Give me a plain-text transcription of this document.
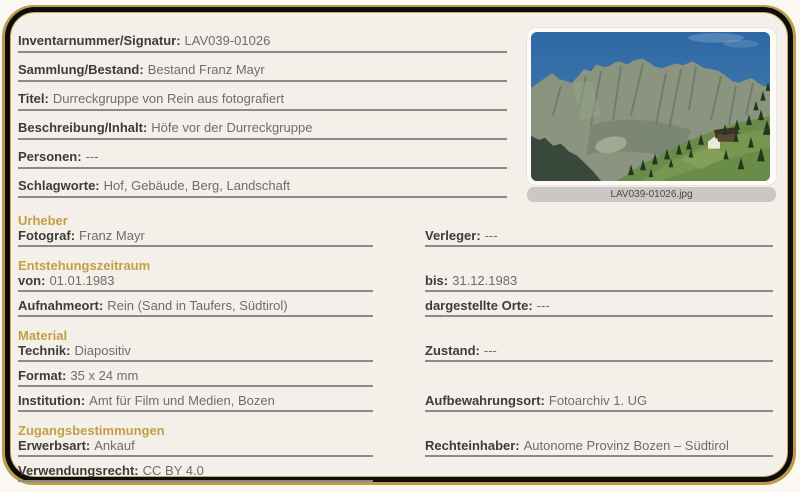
Inventarnummer/Signatur: LAV039-01026
Sammlung/Bestand: Bestand Franz Mayr
Titel: Durreckgruppe von Rein aus fotografiert
Beschreibung/Inhalt: Höfe vor der Durreckgruppe
Personen: ---
Schlagworte: Hof, Gebäude, Berg, Landschaft
Urheber
Fotograf: Franz Mayr	Verleger: ---
Entstehungszeitraum
von: 01.01.1983	bis: 31.12.1983
Aufnahmeort: Rein (Sand in Taufers, Südtirol)	dargestellte Orte: ---
Material
Technik: Diapositiv	Zustand: ---
Format: 35 x 24 mm
Institution: Amt für Film und Medien, Bozen	Aufbewahrungsort: Fotoarchiv 1. UG
Zugangsbestimmungen
Erwerbsart: Ankauf	Rechteinhaber: Autonome Provinz Bozen – Südtirol
Verwendungsrecht: CC BY 4.0
LAV039-01026.jpg
